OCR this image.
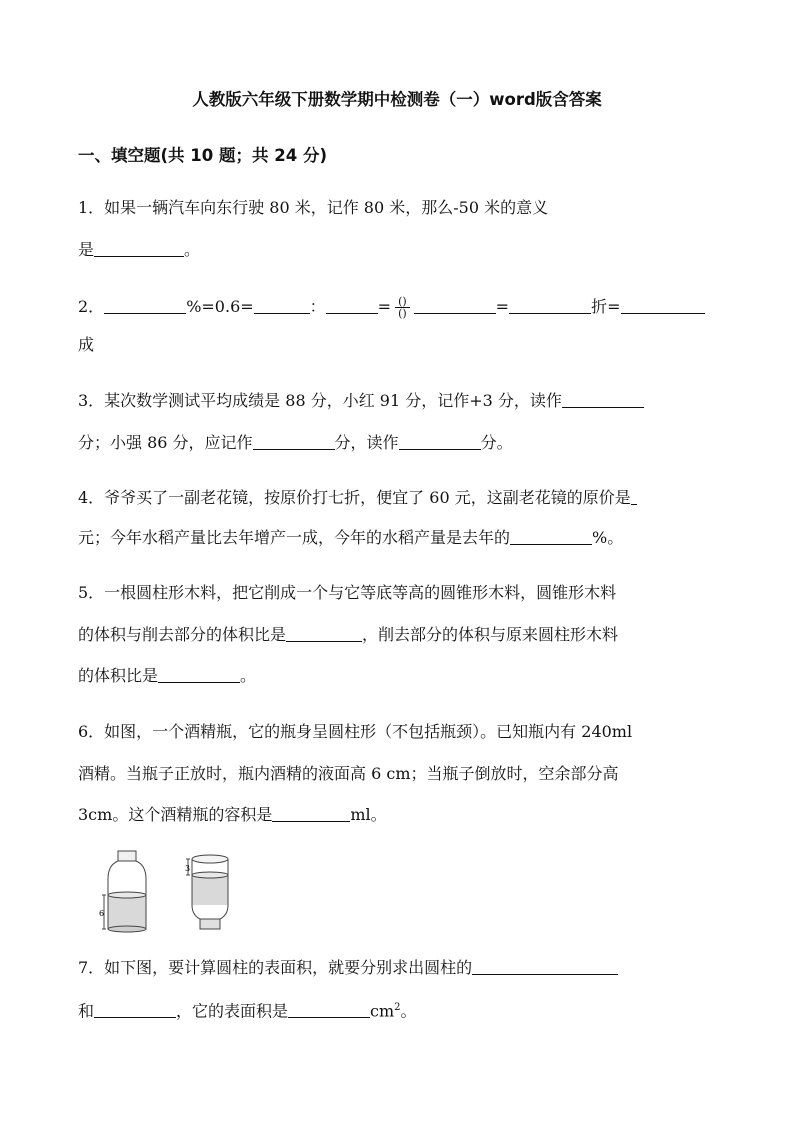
人教版六年级下册数学期中检测卷（一）word版含答案
一、填空题(共 10 题；共 24 分)
1．如果一辆汽车向东行驶 80 米，记作 80 米，那么-50 米的意义
是	。
2．	%=0.6=	：	= $\frac{()}{()}$	=	折=
成
3．某次数学测试平均成绩是 88 分，小红 91 分，记作+3 分，读作
分；小强 86 分，应记作	分，读作	分。
4．爷爷买了一副老花镜，按原价打七折，便宜了 60 元，这副老花镜的原价是
元；今年水稻产量比去年增产一成，今年的水稻产量是去年的	%。
5．一根圆柱形木料，把它削成一个与它等底等高的圆锥形木料，圆锥形木料
的体积与削去部分的体积比是	，削去部分的体积与原来圆柱形木料
的体积比是	。
6．如图，一个酒精瓶，它的瓶身呈圆柱形（不包括瓶颈）。已知瓶内有 240ml
酒精。当瓶子正放时，瓶内酒精的液面高 6 cm；当瓶子倒放时，空余部分高
3cm。这个酒精瓶的容积是	ml。
6
3
7．如下图，要计算圆柱的表面积，就要分别求出圆柱的
和	，它的表面积是	$cm^2$。
